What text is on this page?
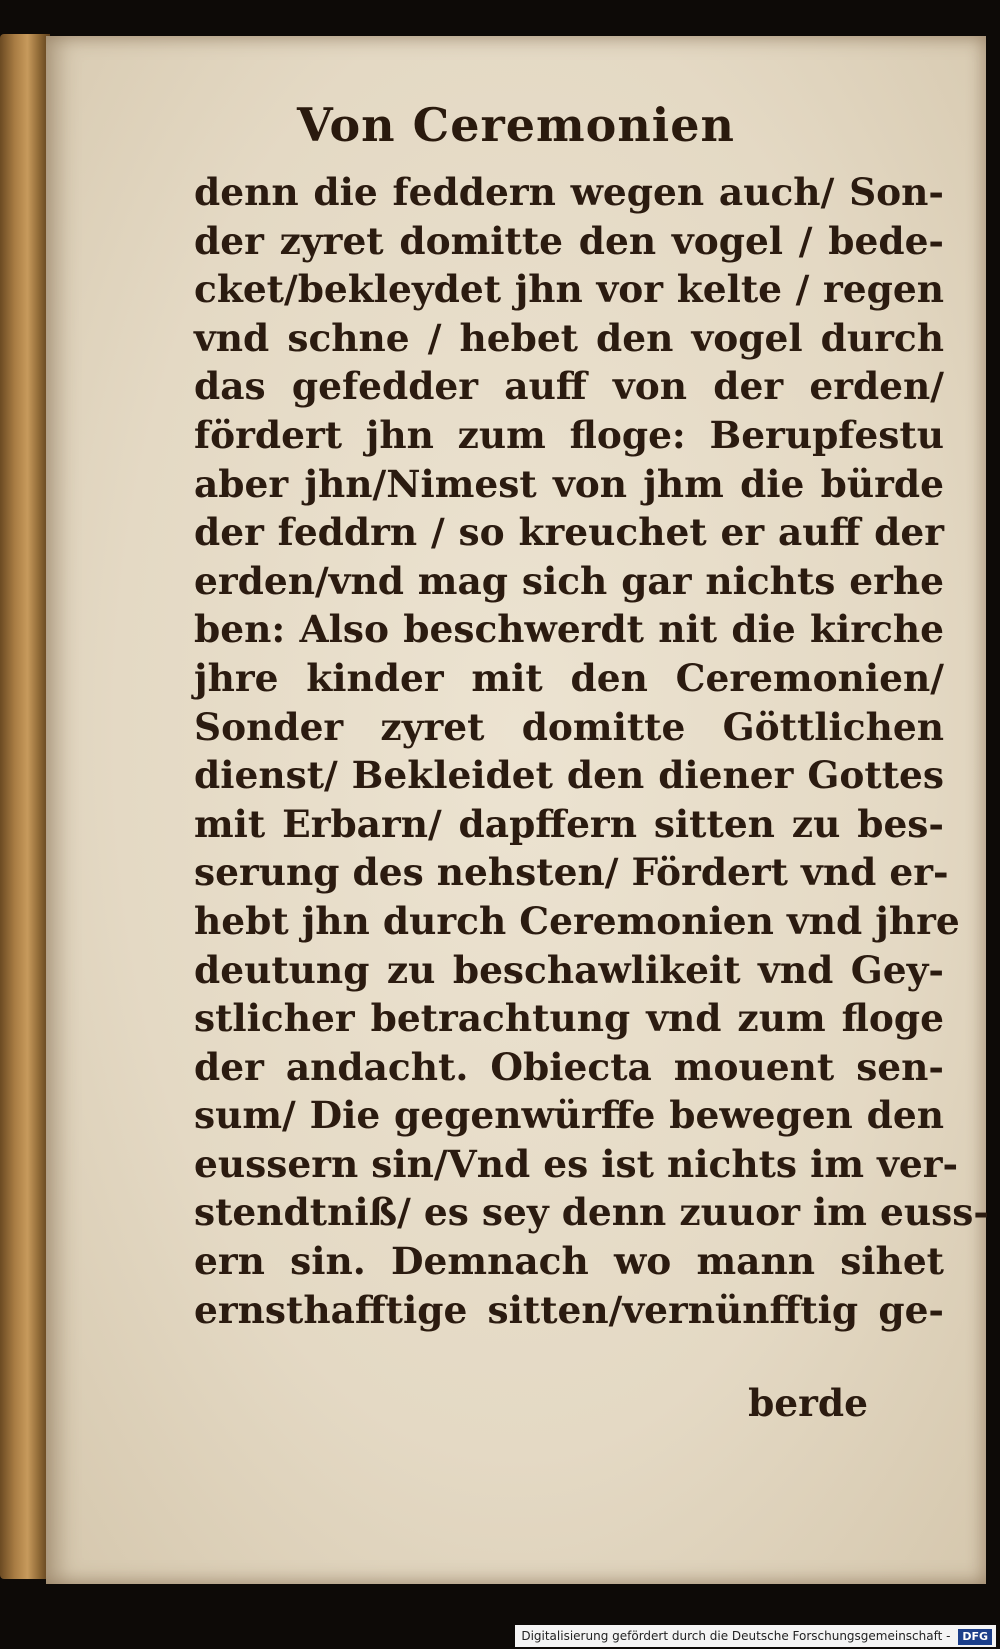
Von Ceremonien
denn die feddern wegen auch/ Son-
der zyret domitte den vogel / bede-
cket/bekleydet jhn vor kelte / regen
vnd schne / hebet den vogel durch
das gefedder auff von der erden/
fördert jhn zum floge: Berupfestu
aber jhn/Nimest von jhm die bürde
der feddrn / so kreuchet er auff der
erden/vnd mag sich gar nichts erhe
ben: Also beschwerdt nit die kirche
jhre kinder mit den Ceremonien/
Sonder zyret domitte Göttlichen
dienst/ Bekleidet den diener Gottes
mit Erbarn/ dapffern sitten zu bes-
serung des nehsten/ Fördert vnd er-
hebt jhn durch Ceremonien vnd jhre
deutung zu beschawlikeit vnd Gey-
stlicher betrachtung vnd zum floge
der andacht. Obiecta mouent sen-
sum/ Die gegenwürffe bewegen den
eussern sin/Vnd es ist nichts im ver-
stendtniß/ es sey denn zuuor im euss-
ern sin. Demnach wo mann sihet
ernsthafftige sitten/vernünfftig ge-
berde
Digitalisierung gefördert durch die Deutsche Forschungsgemeinschaft - DFG
